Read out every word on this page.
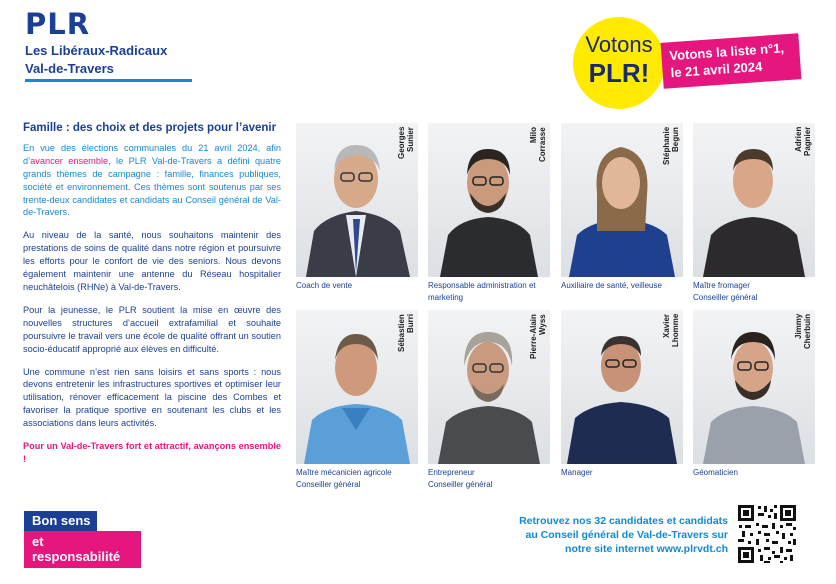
PLR
Les Libéraux-Radicaux
Val-de-Travers
Votons
PLR!
Votons la liste n°1,
le 21 avril 2024
Famille : des choix et des projets pour l’avenir

En vue des élections communales du 21 avril 2024, afin d’avancer ensemble, le PLR Val-de-Travers a défini quatre grands thèmes de campagne : famille, finances publiques, société et environnement. Ces thèmes sont soutenus par ses trente-deux candidates et candidats au Conseil général de Val-de-Travers.

Au niveau de la santé, nous souhaitons maintenir des prestations de soins de qualité dans notre région et poursuivre les efforts pour le confort de vie des seniors. Nous devons également maintenir une antenne du Réseau hospitalier neuchâtelois (RHNe) à Val-de-Travers.

Pour la jeunesse, le PLR soutient la mise en œuvre des nouvelles structures d’accueil extrafamilial et souhaite poursuivre le travail vers une école de qualité offrant un soutien socio-éducatif approprié aux élèves en difficulté.

Une commune n’est rien sans loisirs et sans sports : nous devons entretenir les infrastructures sportives et optimiser leur utilisation, rénover efficacement la piscine des Combes et favoriser la pratique sportive en soutenant les clubs et les associations dans leurs activités.

Pour un Val-de-Travers fort et attractif, avançons ensemble !

Georges Sunier
Coach de vente
Milo Corrasse
Responsable administration et
marketing
Stéphanie Begun
Auxiliaire de santé, veilleuse
Adrien Pagnier
Maître fromager
Conseiller général
Sébastien Burri
Maître mécanicien agricole
Conseiller général
Pierre-Alain Wyss
Entrepreneur
Conseiller général
Xavier Lhomme
Manager
Jimmy Cherbuin
Géomaticien
Bon sens
et responsabilité
Retrouvez nos 32 candidates et candidats
au Conseil général de Val-de-Travers sur
notre site internet www.plrvdt.ch
